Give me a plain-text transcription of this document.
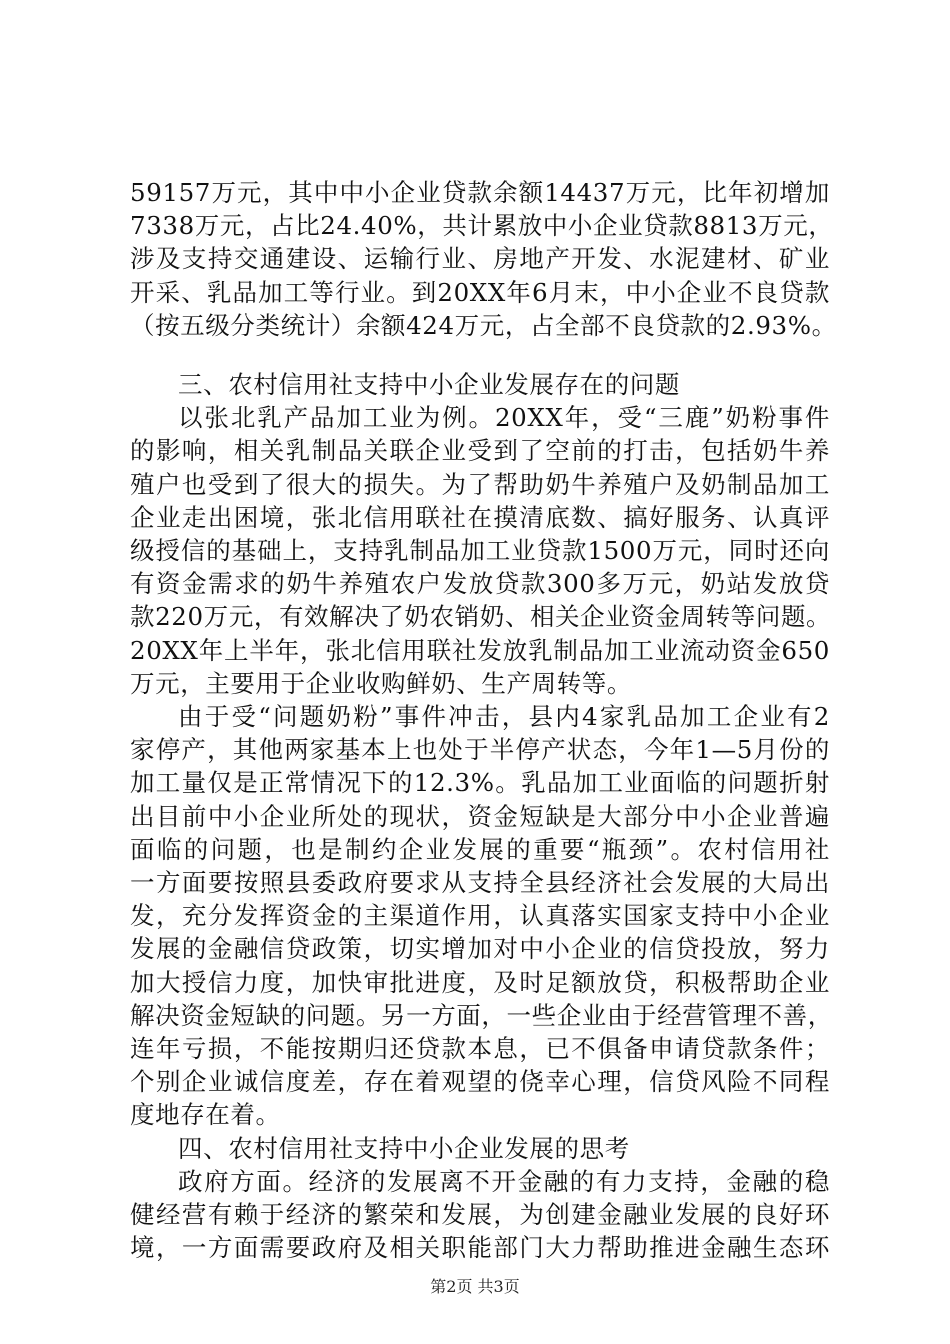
59157万元，其中中小企业贷款余额14437万元，比年初增加
7338万元，占比24.40%，共计累放中小企业贷款8813万元，
涉及支持交通建设、运输行业、房地产开发、水泥建材、矿业
开采、乳品加工等行业。到20XX年6月末，中小企业不良贷款
（按五级分类统计）余额424万元，占全部不良贷款的2.93%。
三、农村信用社支持中小企业发展存在的问题
以张北乳产品加工业为例。20XX年，受“三鹿”奶粉事件
的影响，相关乳制品关联企业受到了空前的打击，包括奶牛养
殖户也受到了很大的损失。为了帮助奶牛养殖户及奶制品加工
企业走出困境，张北信用联社在摸清底数、搞好服务、认真评
级授信的基础上，支持乳制品加工业贷款1500万元，同时还向
有资金需求的奶牛养殖农户发放贷款300多万元，奶站发放贷
款220万元，有效解决了奶农销奶、相关企业资金周转等问题。
20XX年上半年，张北信用联社发放乳制品加工业流动资金650
万元，主要用于企业收购鲜奶、生产周转等。
由于受“问题奶粉”事件冲击，县内4家乳品加工企业有2
家停产，其他两家基本上也处于半停产状态，今年1—5月份的
加工量仅是正常情况下的12.3%。乳品加工业面临的问题折射
出目前中小企业所处的现状，资金短缺是大部分中小企业普遍
面临的问题，也是制约企业发展的重要“瓶颈”。农村信用社
一方面要按照县委政府要求从支持全县经济社会发展的大局出
发，充分发挥资金的主渠道作用，认真落实国家支持中小企业
发展的金融信贷政策，切实增加对中小企业的信贷投放，努力
加大授信力度，加快审批进度，及时足额放贷，积极帮助企业
解决资金短缺的问题。另一方面，一些企业由于经营管理不善，
连年亏损，不能按期归还贷款本息，已不俱备申请贷款条件；
个别企业诚信度差，存在着观望的侥幸心理，信贷风险不同程
度地存在着。
四、农村信用社支持中小企业发展的思考
政府方面。经济的发展离不开金融的有力支持，金融的稳
健经营有赖于经济的繁荣和发展，为创建金融业发展的良好环
境，一方面需要政府及相关职能部门大力帮助推进金融生态环
第2页 共3页
